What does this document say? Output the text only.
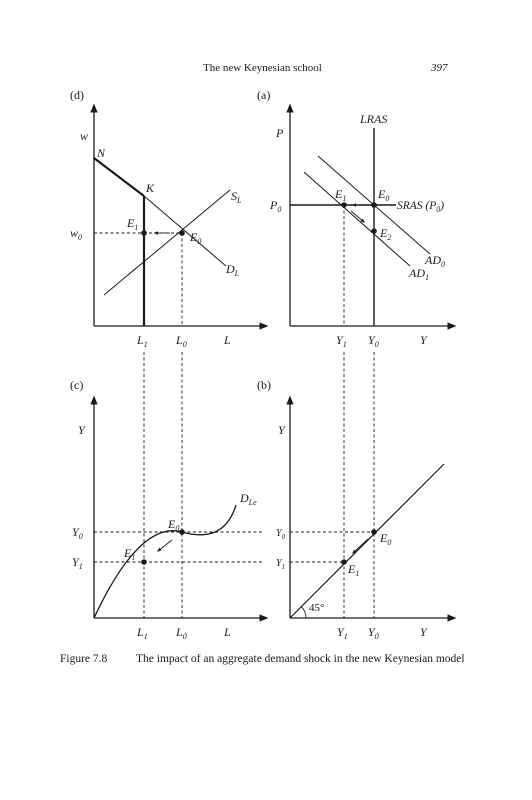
The new Keynesian school	397
(d)
w
L
N
K
$S_L$
$D_L$
$w_0$
$E_1$
$E_0$
$L_1$ $L_0$
(a)
P
Y
LRAS
$P_0$	SRAS $(P_0)$
$E_1$	$E_0$
$E_2$
$AD_0$
$AD_1$
$Y_1$ $Y_0$
(c)
Y
L
$D_{Le}$
$Y_0$
$Y_1$
$E_0$
$E_1$
$L_1$ $L_0$
(b)
Y
Y
45°
$Y_0$
$Y_1$
$E_0$
$E_1$
$Y_1$ $Y_0$
Figure 7.8 The impact of an aggregate demand shock in the new Keynesian model
